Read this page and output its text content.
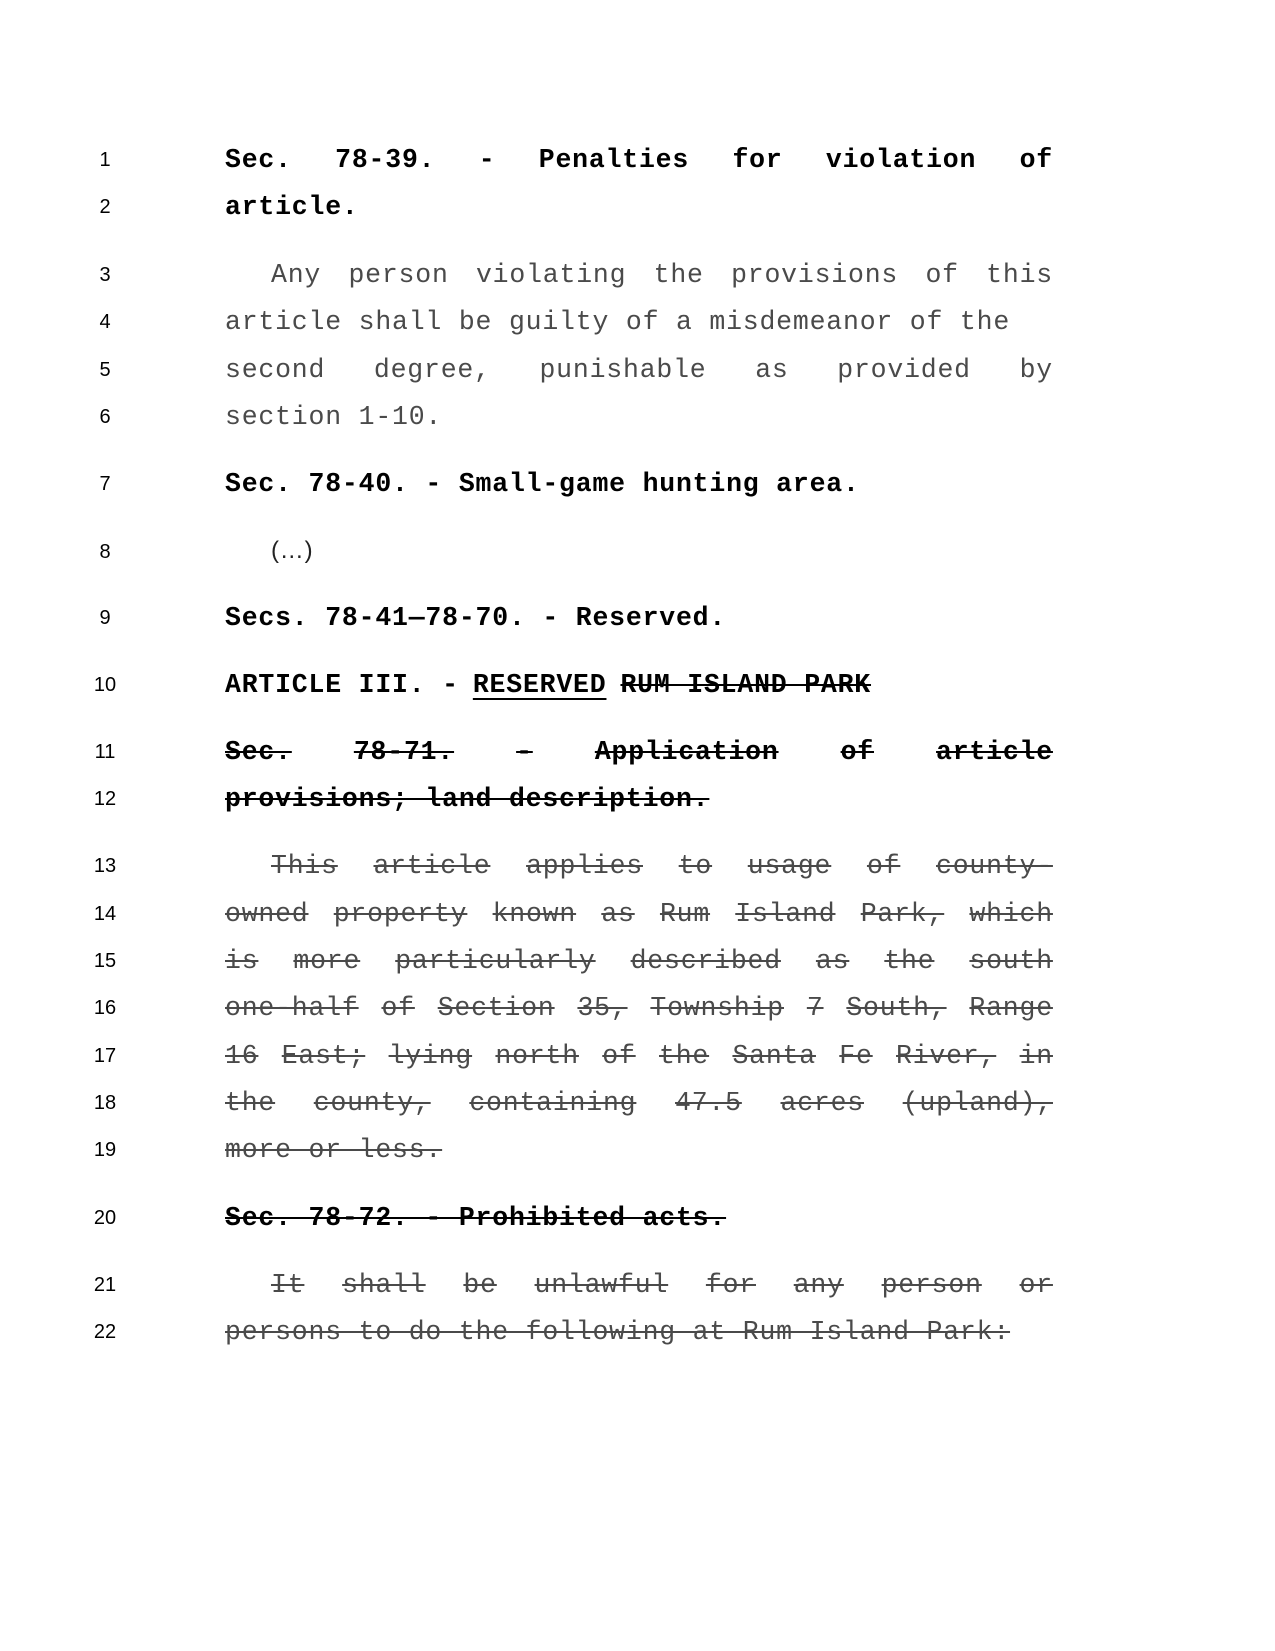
1
2
3
4
5
6
7
8
9
10
11
12
13
14
15
16
17
18
19
20
21
22
Sec. 78-39. - Penalties for violation of
article.
Any person violating the provisions of this
article shall be guilty of a misdemeanor of the
second degree, punishable as provided by
section 1-10.
Sec. 78-40. - Small-game hunting area.
(…)
Secs. 78-41—78-70. - Reserved.
ARTICLE III. - RESERVED RUM ISLAND PARK
Sec. 78-71. - Application of article
provisions; land description.
This article applies to usage of county-
owned property known as Rum Island Park, which
is more particularly described as the south
one-half of Section 35, Township 7 South, Range
16 East; lying north of the Santa Fe River, in
the county, containing 47.5 acres (upland),
more or less.
Sec. 78-72. - Prohibited acts.
It shall be unlawful for any person or
persons to do the following at Rum Island Park:
